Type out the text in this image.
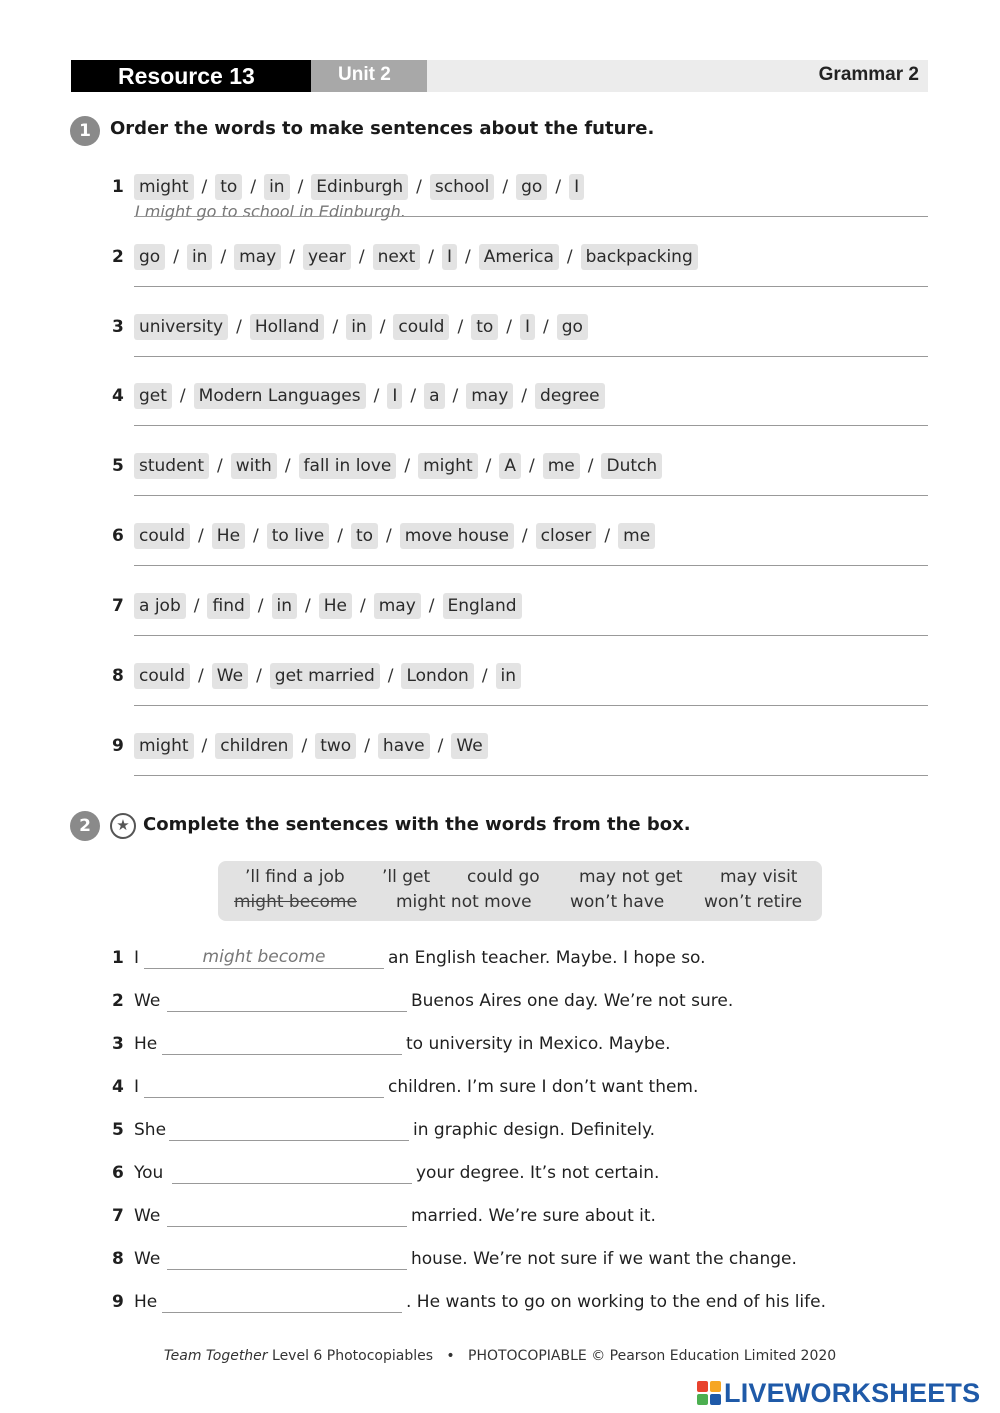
Resource 13	Unit 2	Grammar 2
1	Order the words to make sentences about the future.
1 might / to / in / Edinburgh / school / go / I
I might go to school in Edinburgh.
2 go / in / may / year / next / I / America / backpacking
3 university / Holland / in / could / to / I / go
4 get / Modern Languages / I / a / may / degree
5 student / with / fall in love / might / A / me / Dutch
6 could / He / to live / to / move house / closer / me
7 a job / find / in / He / may / England
8 could / We / get married / London / in
9 might / children / two / have / We
2	★ Complete the sentences with the words from the box.
’ll find a job ’ll get could go may not get may visit
might become might not move won’t have won’t retire
1 I	might become	an English teacher. Maybe. I hope so.
2 We	Buenos Aires one day. We’re not sure.
3 He	to university in Mexico. Maybe.
4 I	children. I’m sure I don’t want them.
5 She	in graphic design. Definitely.
6 You	your degree. It’s not certain.
7 We	married. We’re sure about it.
8 We	house. We’re not sure if we want the change.
9 He	. He wants to go on working to the end of his life.
Team Together Level 6 Photocopiables • PHOTOCOPIABLE © Pearson Education Limited 2020
LIVEWORKSHEETS
